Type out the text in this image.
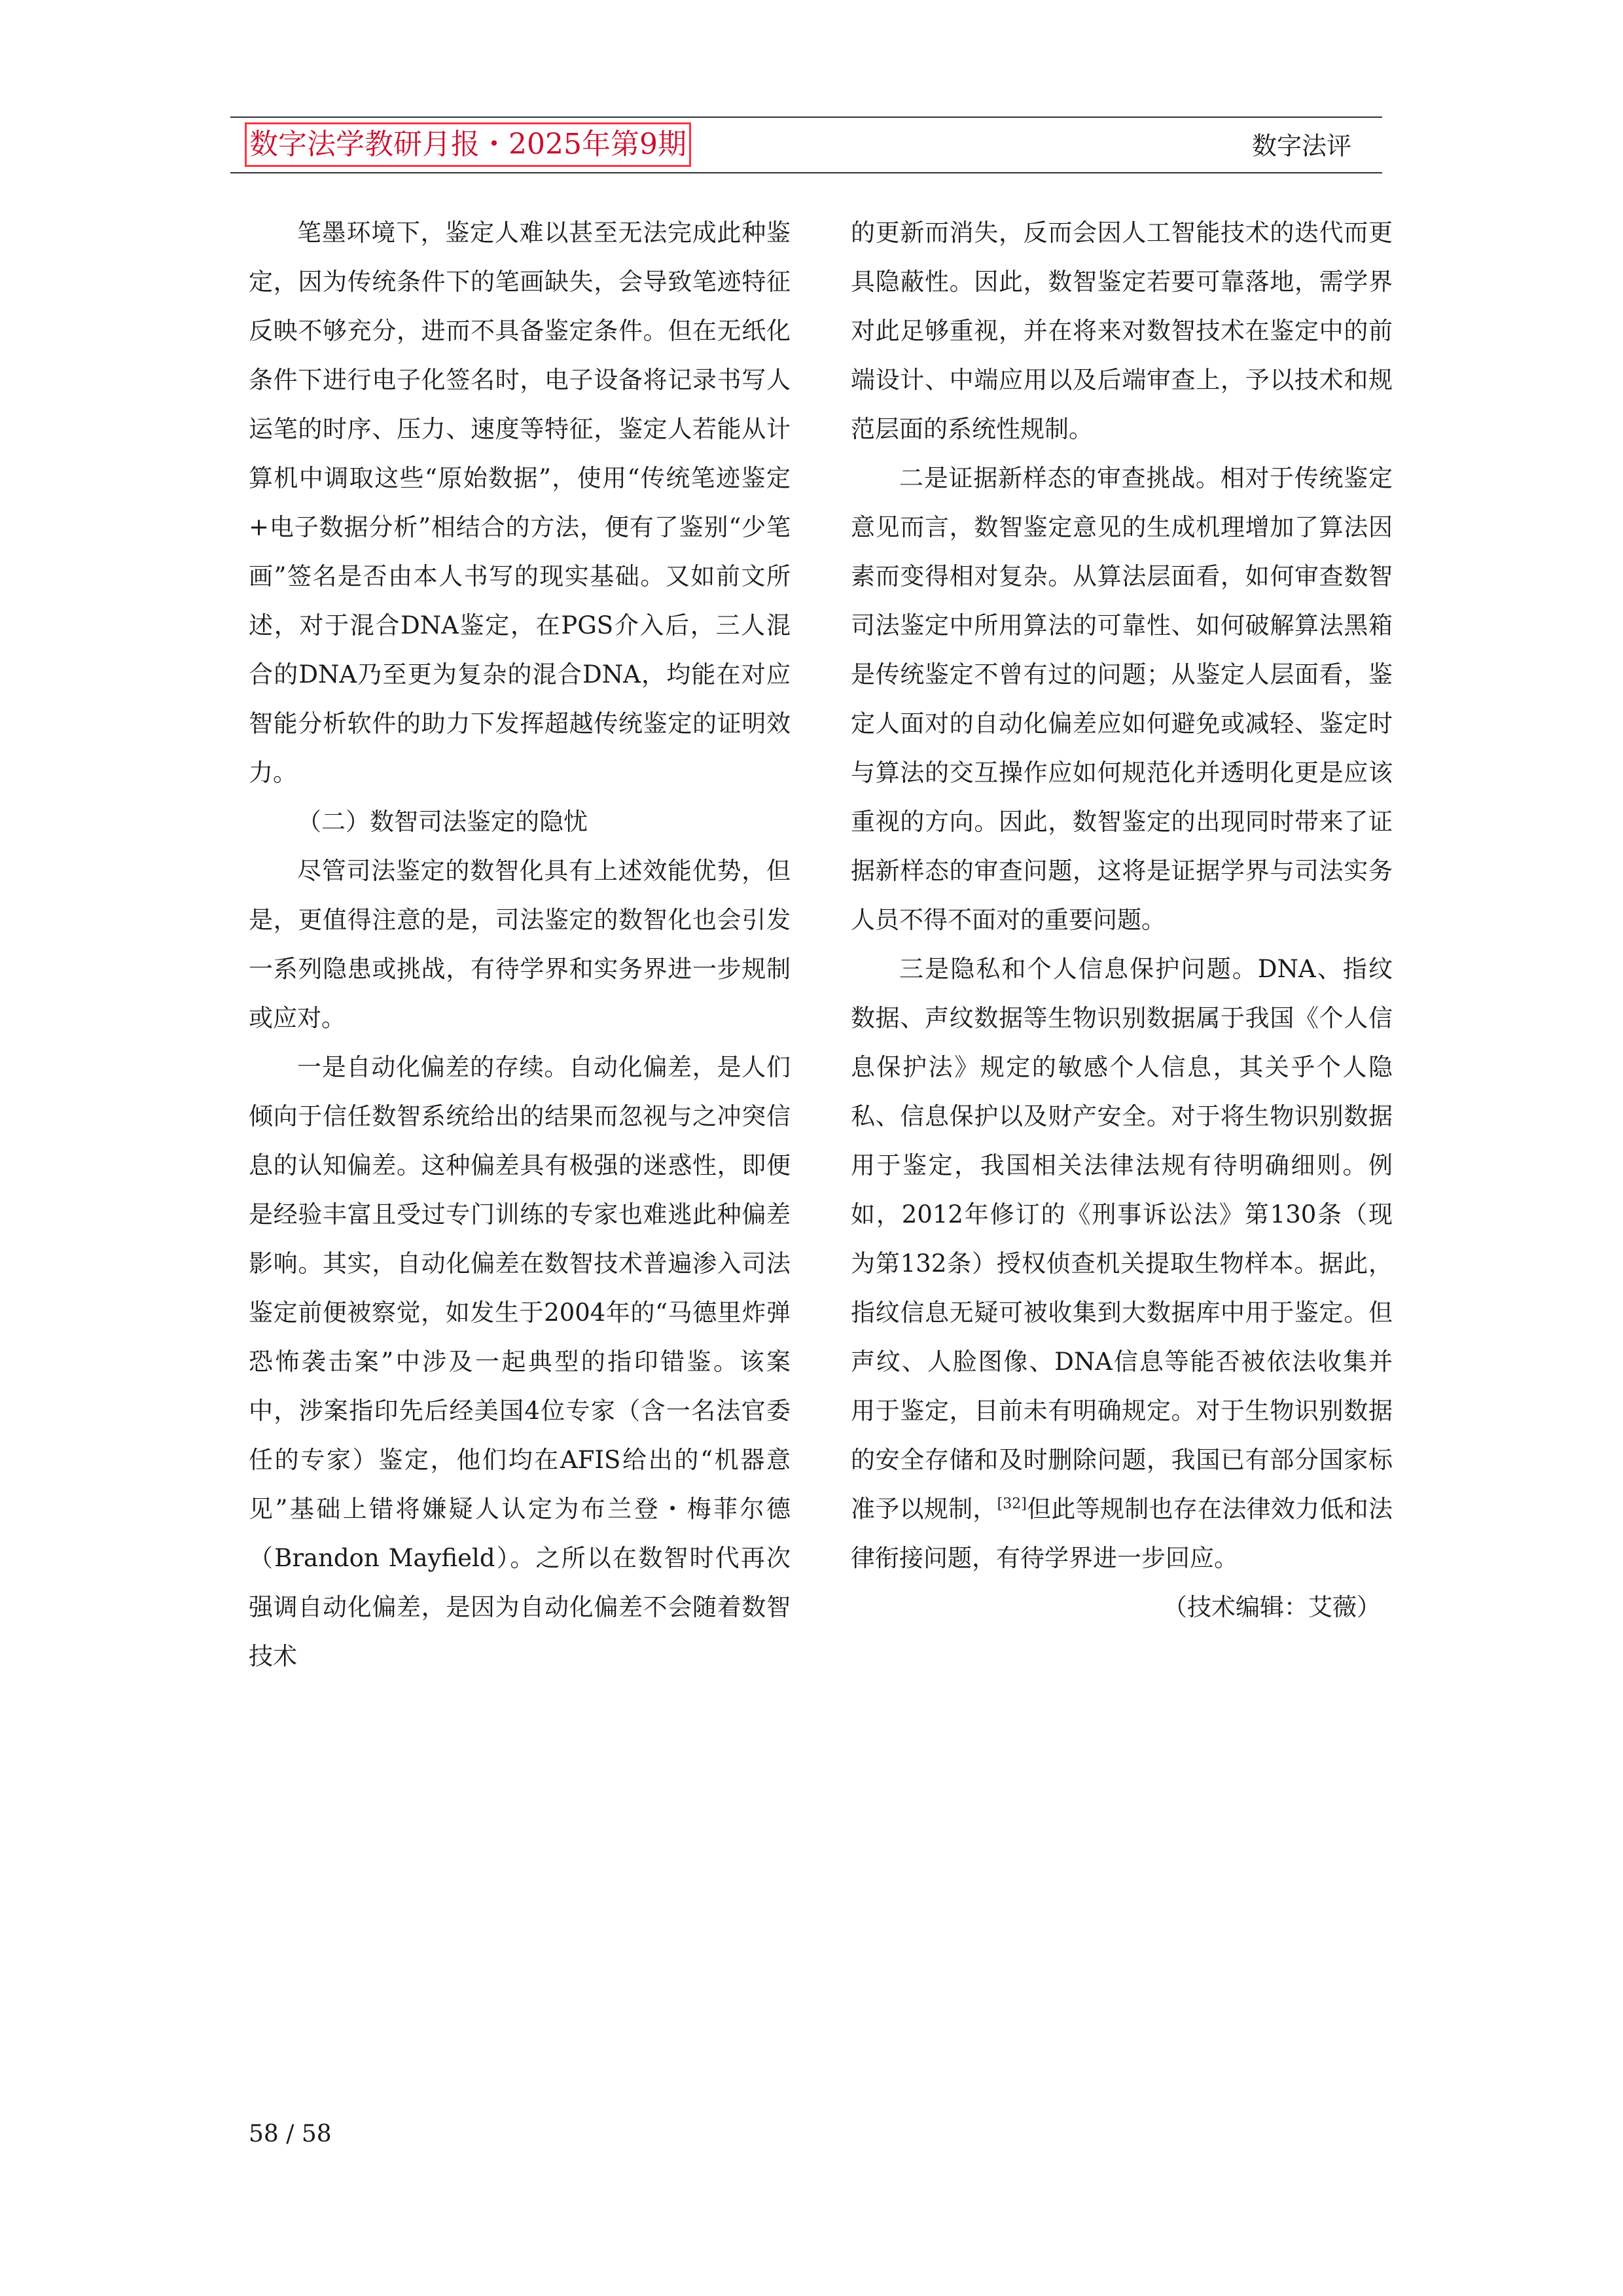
数字法学教研月报・2025年第9期	数字法评

笔墨环境下，鉴定人难以甚至无法完成此种鉴定，因为传统条件下的笔画缺失，会导致笔迹特征反映不够充分，进而不具备鉴定条件。但在无纸化条件下进行电子化签名时，电子设备将记录书写人运笔的时序、压力、速度等特征，鉴定人若能从计算机中调取这些“原始数据”，使用“传统笔迹鉴定+电子数据分析”相结合的方法，便有了鉴别“少笔画”签名是否由本人书写的现实基础。又如前文所述，对于混合DNA鉴定，在PGS介入后，三人混合的DNA乃至更为复杂的混合DNA，均能在对应智能分析软件的助力下发挥超越传统鉴定的证明效力。

（二）数智司法鉴定的隐忧

尽管司法鉴定的数智化具有上述效能优势，但是，更值得注意的是，司法鉴定的数智化也会引发一系列隐患或挑战，有待学界和实务界进一步规制或应对。

一是自动化偏差的存续。自动化偏差，是人们倾向于信任数智系统给出的结果而忽视与之冲突信息的认知偏差。这种偏差具有极强的迷惑性，即便是经验丰富且受过专门训练的专家也难逃此种偏差影响。其实，自动化偏差在数智技术普遍渗入司法鉴定前便被察觉，如发生于2004年的“马德里炸弹恐怖袭击案”中涉及一起典型的指印错鉴。该案中，涉案指印先后经美国4位专家（含一名法官委任的专家）鉴定，他们均在AFIS给出的“机器意见”基础上错将嫌疑人认定为布兰登・梅菲尔德（Brandon Mayfield）。之所以在数智时代再次强调自动化偏差，是因为自动化偏差不会随着数智技术

的更新而消失，反而会因人工智能技术的迭代而更具隐蔽性。因此，数智鉴定若要可靠落地，需学界对此足够重视，并在将来对数智技术在鉴定中的前端设计、中端应用以及后端审查上，予以技术和规范层面的系统性规制。

二是证据新样态的审查挑战。相对于传统鉴定意见而言，数智鉴定意见的生成机理增加了算法因素而变得相对复杂。从算法层面看，如何审查数智司法鉴定中所用算法的可靠性、如何破解算法黑箱是传统鉴定不曾有过的问题；从鉴定人层面看，鉴定人面对的自动化偏差应如何避免或减轻、鉴定时与算法的交互操作应如何规范化并透明化更是应该重视的方向。因此，数智鉴定的出现同时带来了证据新样态的审查问题，这将是证据学界与司法实务人员不得不面对的重要问题。

三是隐私和个人信息保护问题。DNA、指纹数据、声纹数据等生物识别数据属于我国《个人信息保护法》规定的敏感个人信息，其关乎个人隐私、信息保护以及财产安全。对于将生物识别数据用于鉴定，我国相关法律法规有待明确细则。例如，2012年修订的《刑事诉讼法》第130条（现为第132条）授权侦查机关提取生物样本。据此，指纹信息无疑可被收集到大数据库中用于鉴定。但声纹、人脸图像、DNA信息等能否被依法收集并用于鉴定，目前未有明确规定。对于生物识别数据的安全存储和及时删除问题，我国已有部分国家标准予以规制，[32]但此等规制也存在法律效力低和法律衔接问题，有待学界进一步回应。

（技术编辑：艾薇）

58 / 58
